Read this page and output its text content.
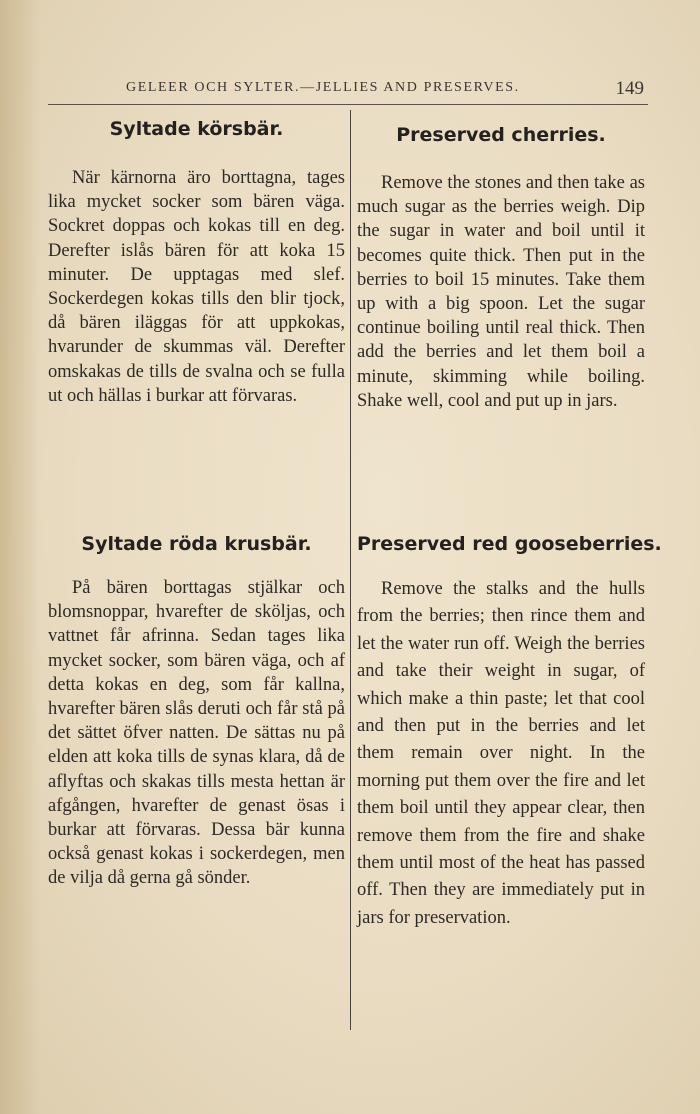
GELEER OCH SYLTER.—JELLIES AND PRESERVES.	149
Syltade körsbär.

När kärnorna äro borttagna, tages lika mycket socker som bären väga. Sockret doppas och kokas till en deg. Derefter islås bären för att koka 15 minuter. De upptagas med slef. Sockerdegen kokas tills den blir tjock, då bären iläggas för att uppkokas, hvarunder de skummas väl. Derefter omskakas de tills de svalna och se fulla ut och hällas i burkar att förvaras.

Preserved cherries.

Remove the stones and then take as much sugar as the berries weigh. Dip the sugar in water and boil until it becomes quite thick. Then put in the berries to boil 15 minutes. Take them up with a big spoon. Let the sugar continue boiling until real thick. Then add the berries and let them boil a minute, skimming while boiling. Shake well, cool and put up in jars.

Syltade röda krusbär.

På bären borttagas stjälkar och blomsnoppar, hvarefter de sköljas, och vattnet får afrinna. Sedan tages lika mycket socker, som bären väga, och af detta kokas en deg, som får kallna, hvarefter bären slås deruti och får stå på det sättet öfver natten. De sättas nu på elden att koka tills de synas klara, då de aflyftas och skakas tills mesta hettan är afgången, hvarefter de genast ösas i burkar att förvaras. Dessa bär kunna också genast kokas i sockerdegen, men de vilja då gerna gå sönder.

Preserved red gooseberries.

Remove the stalks and the hulls from the berries; then rince them and let the water run off. Weigh the berries and take their weight in sugar, of which make a thin paste; let that cool and then put in the berries and let them remain over night. In the morning put them over the fire and let them boil until they appear clear, then remove them from the fire and shake them until most of the heat has passed off. Then they are immediately put in jars for preservation.
